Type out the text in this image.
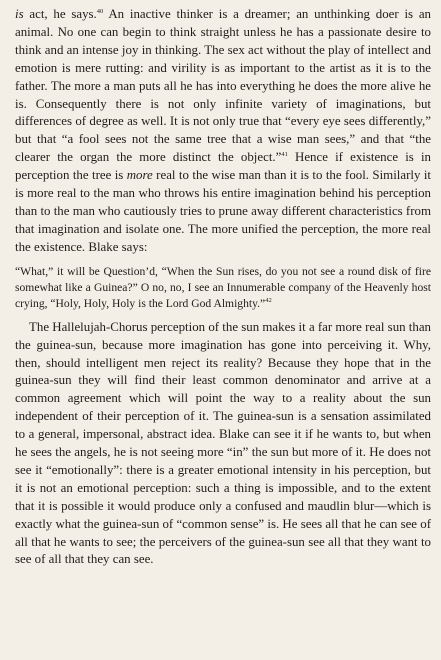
is act, he says.$^{40}$ An inactive thinker is a dreamer; an unthinking doer is an animal. No one can begin to think straight unless he has a passionate desire to think and an intense joy in thinking. The sex act without the play of intellect and emotion is mere rutting: and virility is as important to the artist as it is to the father. The more a man puts all he has into everything he does the more alive he is. Consequently there is not only infinite variety of imaginations, but differences of degree as well. It is not only true that “every eye sees differently,” but that “a fool sees not the same tree that a wise man sees,” and that “the clearer the organ the more distinct the object.”$^{41}$ Hence if existence is in perception the tree is more real to the wise man than it is to the fool. Similarly it is more real to the man who throws his entire imagination behind his perception than to the man who cautiously tries to prune away different characteristics from that imagination and isolate one. The more unified the perception, the more real the existence. Blake says:

“What,” it will be Question’d, “When the Sun rises, do you not see a round disk of fire somewhat like a Guinea?” O no, no, I see an Innumerable company of the Heavenly host crying, “Holy, Holy, Holy is the Lord God Almighty.”$^{42}$

The Hallelujah-Chorus perception of the sun makes it a far more real sun than the guinea-sun, because more imagination has gone into perceiving it. Why, then, should intelligent men reject its reality? Because they hope that in the guinea-sun they will find their least common denominator and arrive at a common agreement which will point the way to a reality about the sun independent of their perception of it. The guinea-sun is a sensation assimilated to a general, impersonal, abstract idea. Blake can see it if he wants to, but when he sees the angels, he is not seeing more “in” the sun but more of it. He does not see it “emotionally”: there is a greater emotional intensity in his perception, but it is not an emotional perception: such a thing is impossible, and to the extent that it is possible it would produce only a confused and maudlin blur—which is exactly what the guinea-sun of “common sense” is. He sees all that he can see of all that he wants to see; the perceivers of the guinea-sun see all that they want to see of all that they can see.
